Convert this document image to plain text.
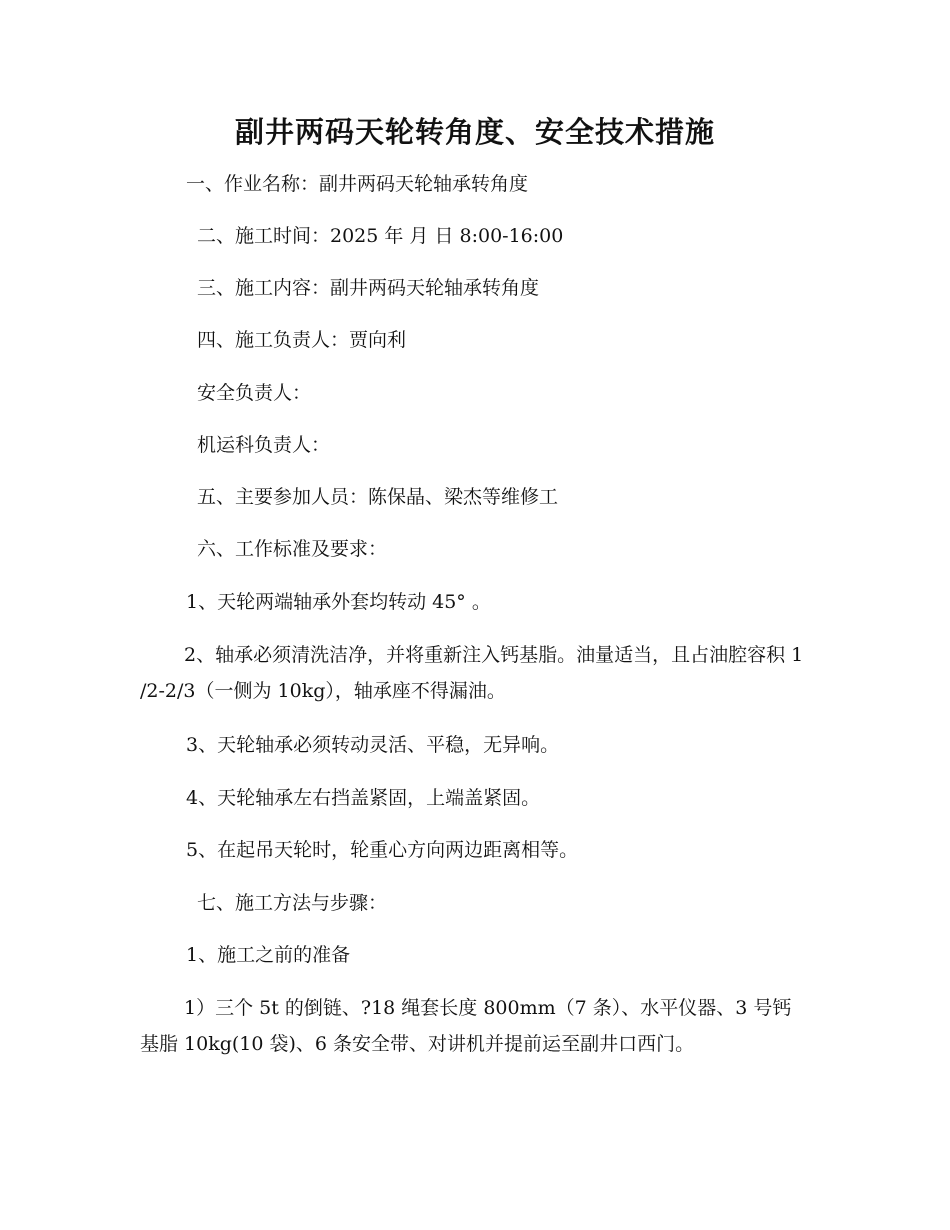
副井两码天轮转角度、安全技术措施

一、作业名称：副井两码天轮轴承转角度

二、施工时间：2025 年 月 日 8:00-16:00

三、施工内容：副井两码天轮轴承转角度

四、施工负责人：贾向利

安全负责人：

机运科负责人：

五、主要参加人员：陈保晶、梁杰等维修工

六、工作标准及要求：

1、天轮两端轴承外套均转动 45° 。

2、轴承必须清洗洁净，并将重新注入钙基脂。油量适当，且占油腔容积 1 /2-2/3（一侧为 10kg），轴承座不得漏油。

3、天轮轴承必须转动灵活、平稳，无异响。

4、天轮轴承左右挡盖紧固，上端盖紧固。

5、在起吊天轮时，轮重心方向两边距离相等。

七、施工方法与步骤：

1、施工之前的准备

1）三个 5t 的倒链、?18 绳套长度 800mm（7 条）、水平仪器、3 号钙基脂 10kg(10 袋)、6 条安全带、对讲机并提前运至副井口西门。
